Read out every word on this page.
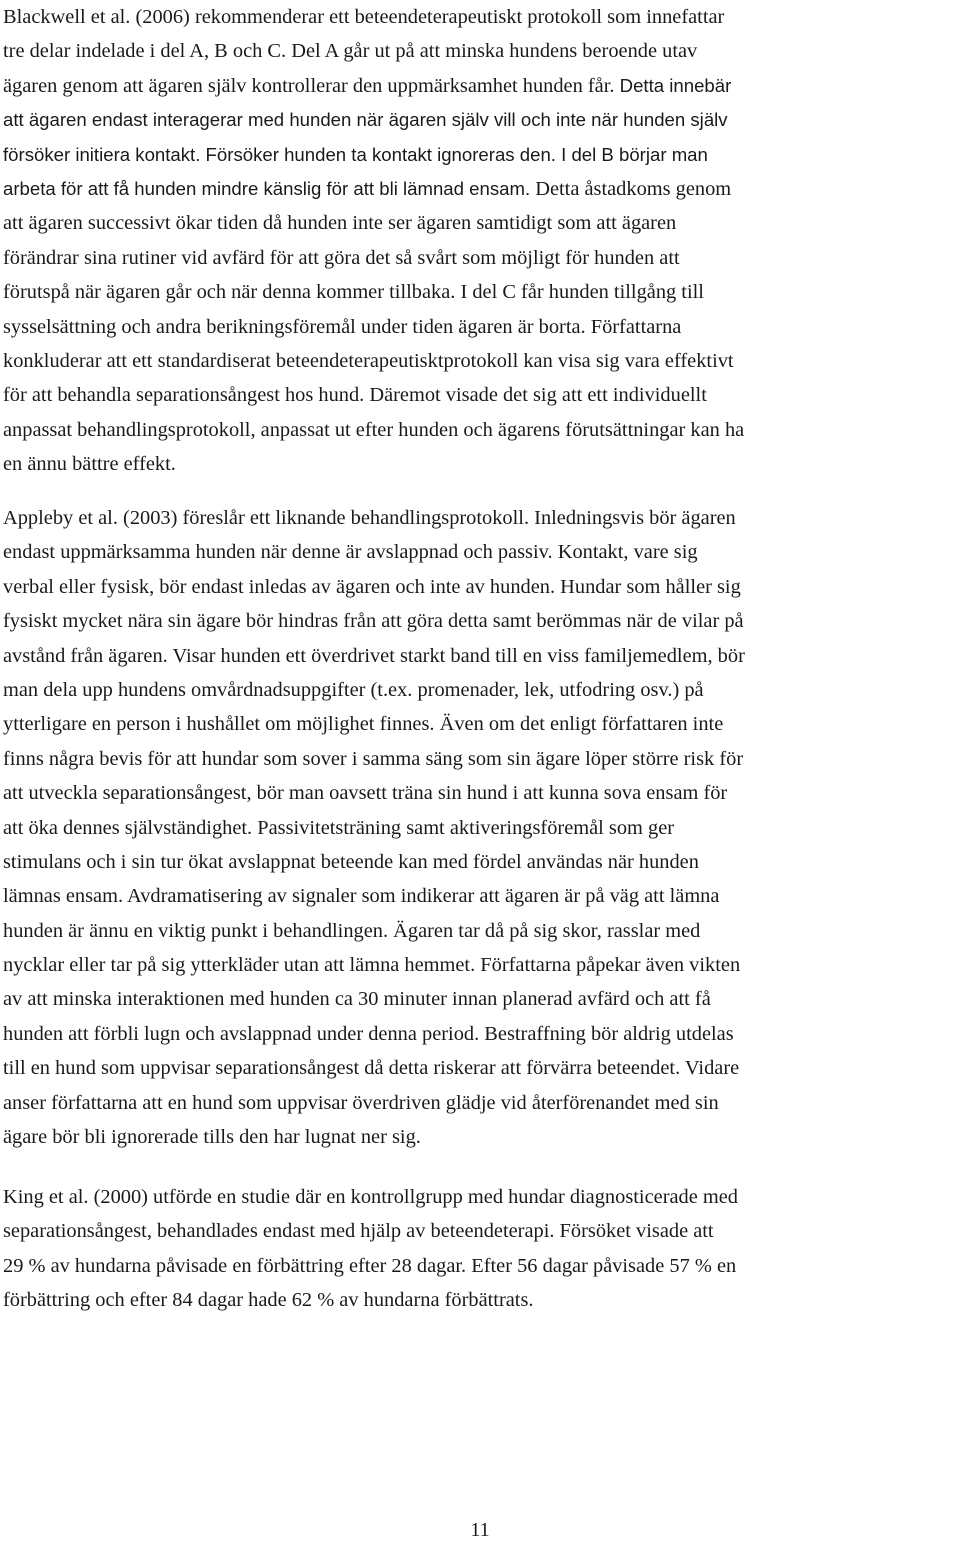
Blackwell et al. (2006) rekommenderar ett beteendeterapeutiskt protokoll som innefattar
tre delar indelade i del A, B och C. Del A går ut på att minska hundens beroende utav
ägaren genom att ägaren själv kontrollerar den uppmärksamhet hunden får. Detta innebär
att ägaren endast interagerar med hunden när ägaren själv vill och inte när hunden själv
försöker initiera kontakt. Försöker hunden ta kontakt ignoreras den. I del B börjar man
arbeta för att få hunden mindre känslig för att bli lämnad ensam. Detta åstadkoms genom
att ägaren successivt ökar tiden då hunden inte ser ägaren samtidigt som att ägaren
förändrar sina rutiner vid avfärd för att göra det så svårt som möjligt för hunden att
förutspå när ägaren går och när denna kommer tillbaka. I del C får hunden tillgång till
sysselsättning och andra berikningsföremål under tiden ägaren är borta. Författarna
konkluderar att ett standardiserat beteendeterapeutisktprotokoll kan visa sig vara effektivt
för att behandla separationsångest hos hund. Däremot visade det sig att ett individuellt
anpassat behandlingsprotokoll, anpassat ut efter hunden och ägarens förutsättningar kan ha
en ännu bättre effekt.
Appleby et al. (2003) föreslår ett liknande behandlingsprotokoll. Inledningsvis bör ägaren
endast uppmärksamma hunden när denne är avslappnad och passiv. Kontakt, vare sig
verbal eller fysisk, bör endast inledas av ägaren och inte av hunden. Hundar som håller sig
fysiskt mycket nära sin ägare bör hindras från att göra detta samt berömmas när de vilar på
avstånd från ägaren. Visar hunden ett överdrivet starkt band till en viss familjemedlem, bör
man dela upp hundens omvårdnadsuppgifter (t.ex. promenader, lek, utfodring osv.) på
ytterligare en person i hushållet om möjlighet finnes. Även om det enligt författaren inte
finns några bevis för att hundar som sover i samma säng som sin ägare löper större risk för
att utveckla separationsångest, bör man oavsett träna sin hund i att kunna sova ensam för
att öka dennes självständighet. Passivitetsträning samt aktiveringsföremål som ger
stimulans och i sin tur ökat avslappnat beteende kan med fördel användas när hunden
lämnas ensam. Avdramatisering av signaler som indikerar att ägaren är på väg att lämna
hunden är ännu en viktig punkt i behandlingen. Ägaren tar då på sig skor, rasslar med
nycklar eller tar på sig ytterkläder utan att lämna hemmet. Författarna påpekar även vikten
av att minska interaktionen med hunden ca 30 minuter innan planerad avfärd och att få
hunden att förbli lugn och avslappnad under denna period. Bestraffning bör aldrig utdelas
till en hund som uppvisar separationsångest då detta riskerar att förvärra beteendet. Vidare
anser författarna att en hund som uppvisar överdriven glädje vid återförenandet med sin
ägare bör bli ignorerade tills den har lugnat ner sig.
King et al. (2000) utförde en studie där en kontrollgrupp med hundar diagnosticerade med
separationsångest, behandlades endast med hjälp av beteendeterapi. Försöket visade att
29 % av hundarna påvisade en förbättring efter 28 dagar. Efter 56 dagar påvisade 57 % en
förbättring och efter 84 dagar hade 62 % av hundarna förbättrats.
11
